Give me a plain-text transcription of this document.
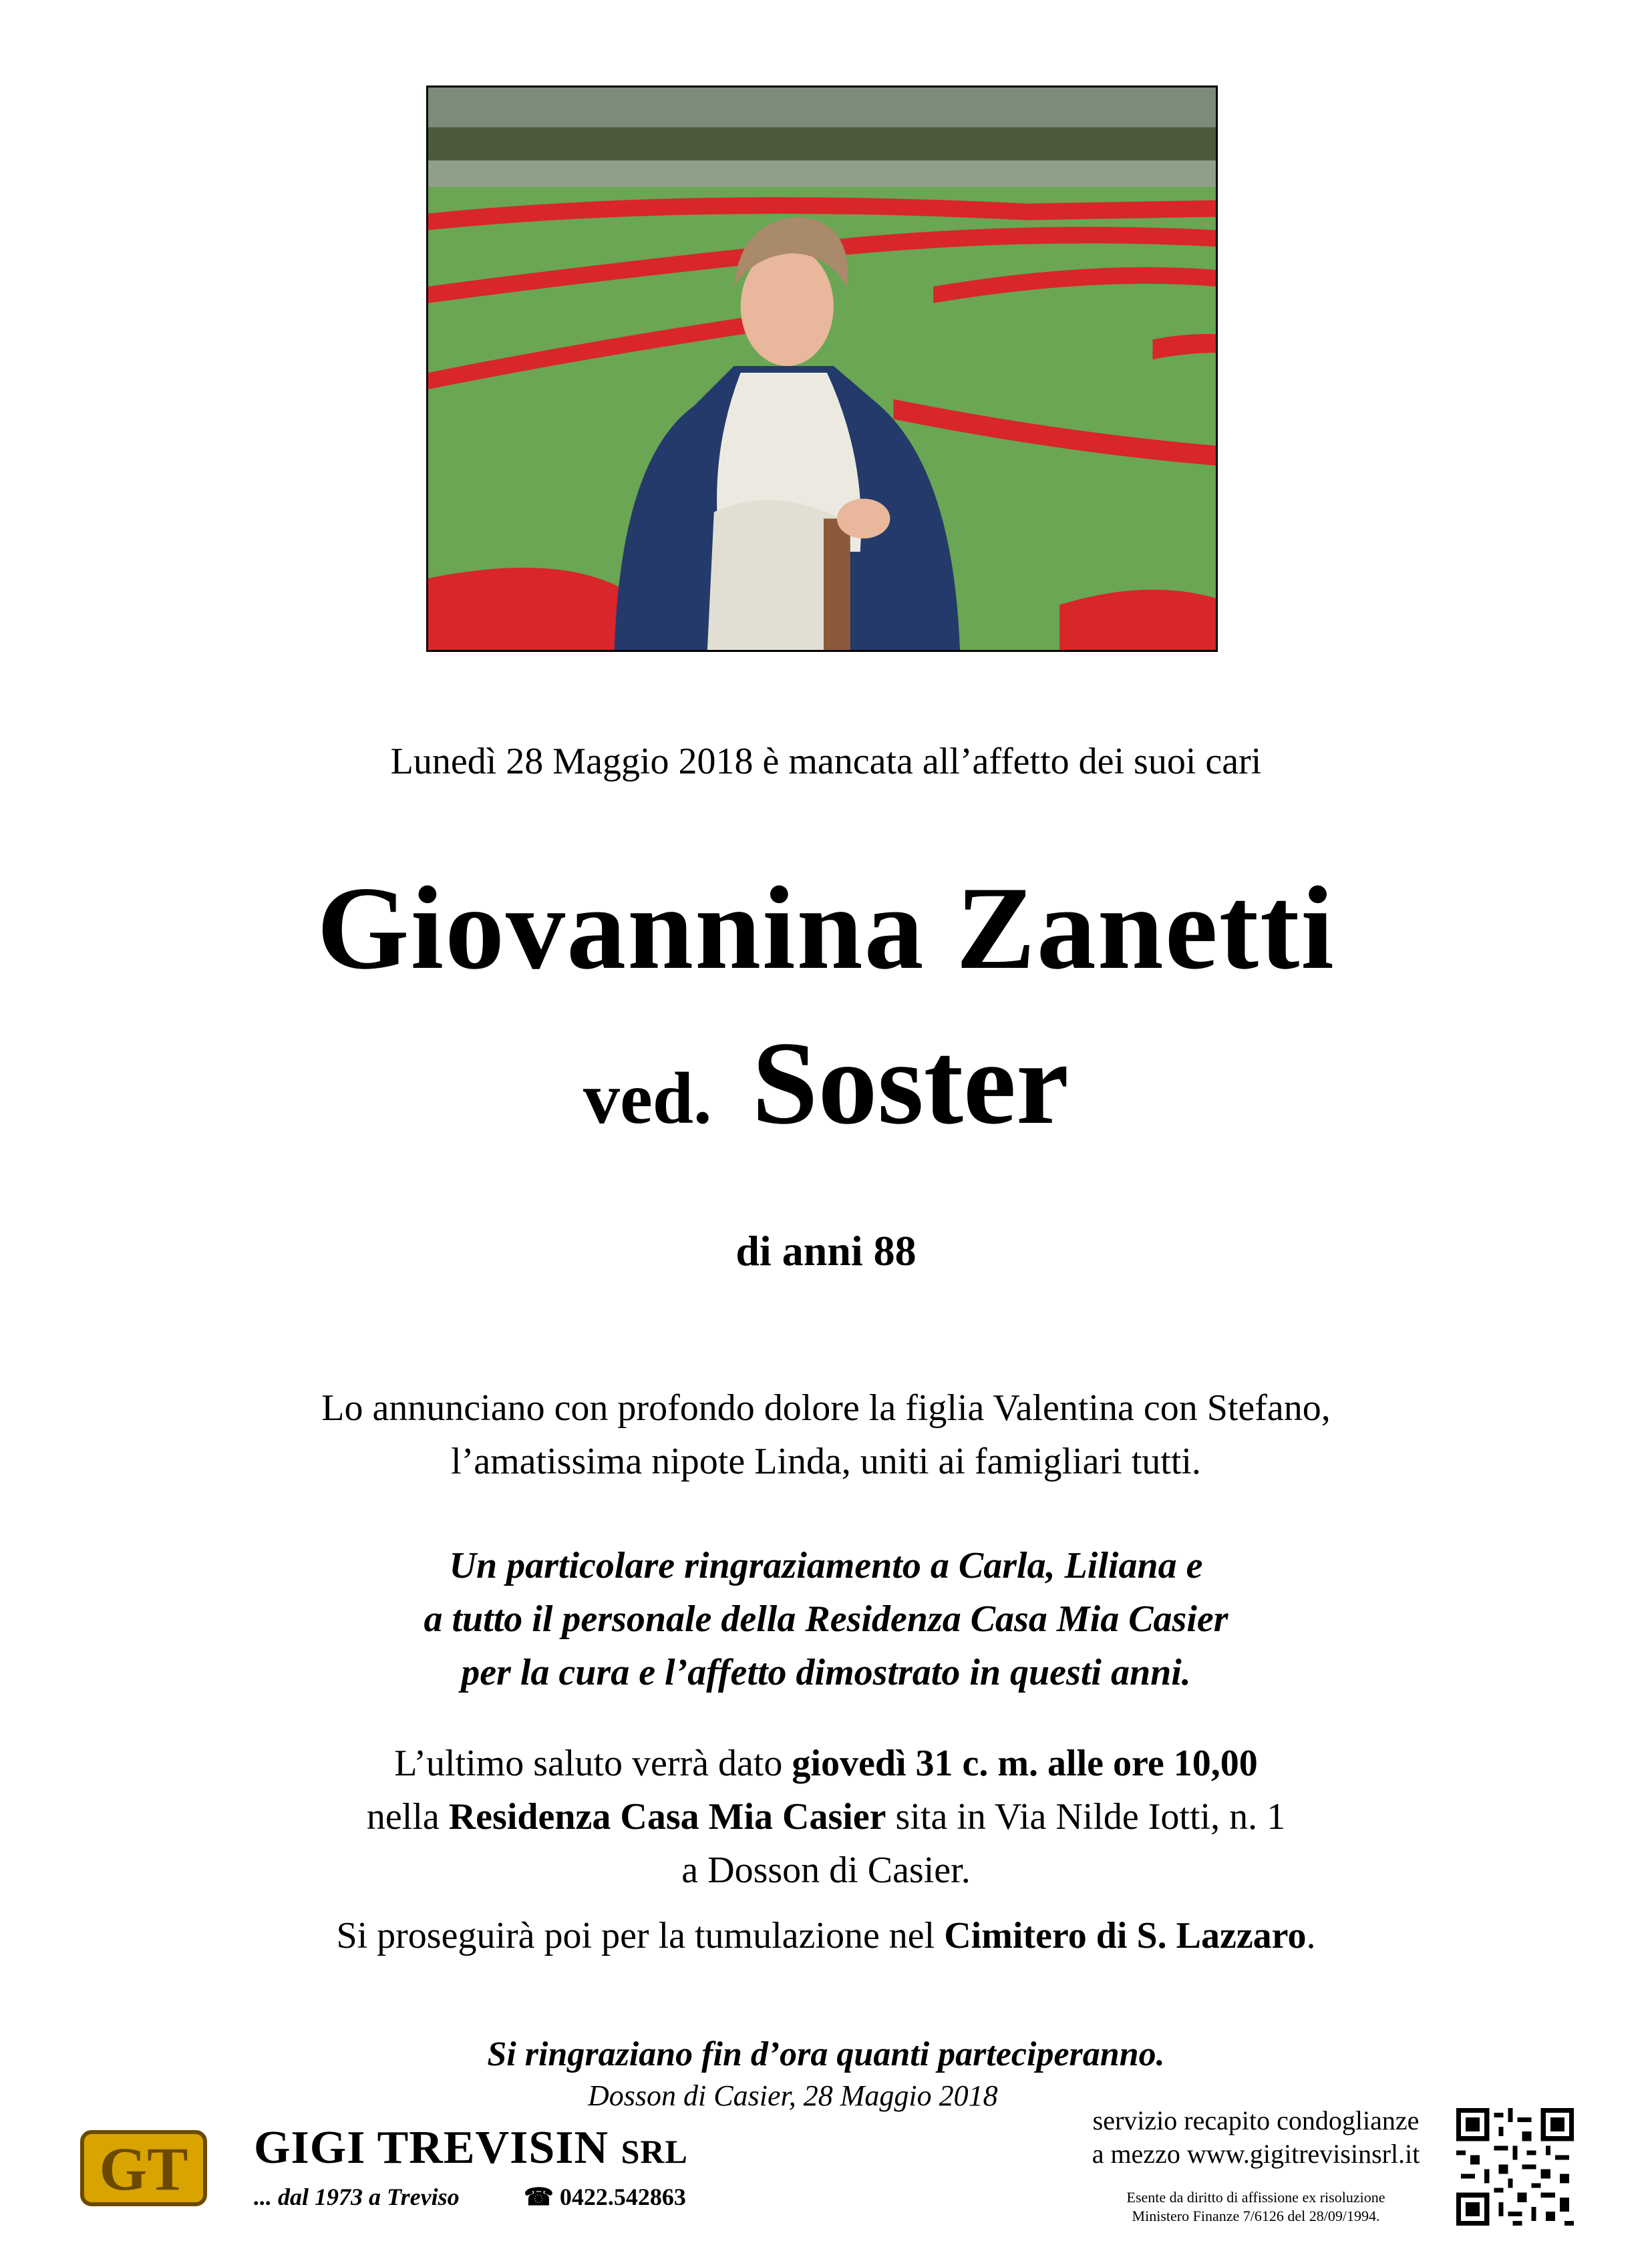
Lunedì 28 Maggio 2018 è mancata all’affetto dei suoi cari
Giovannina Zanetti
ved. Soster
di anni 88
Lo annunciano con profondo dolore la figlia Valentina con Stefano,
l’amatissima nipote Linda, uniti ai famigliari tutti.
Un particolare ringraziamento a Carla, Liliana e
a tutto il personale della Residenza Casa Mia Casier
per la cura e l’affetto dimostrato in questi anni.
L’ultimo saluto verrà dato giovedì 31 c. m. alle ore 10,00
nella Residenza Casa Mia Casier sita in Via Nilde Iotti, n. 1
a Dosson di Casier.
Si proseguirà poi per la tumulazione nel Cimitero di S. Lazzaro.
Si ringraziano fin d’ora quanti parteciperanno.
Dosson di Casier, 28 Maggio 2018
GT GIGI TREVISIN SRL
... dal 1973 a Treviso	☎ 0422.542863
servizio recapito condoglianze
a mezzo www.gigitrevisinsrl.it
Esente da diritto di affissione ex risoluzione
Ministero Finanze 7/6126 del 28/09/1994.
